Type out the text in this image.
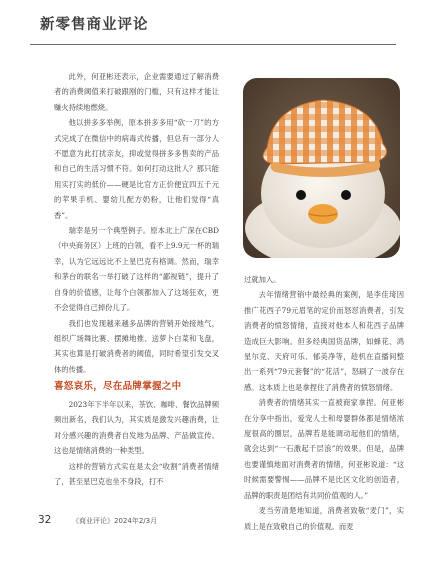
新零售商业评论

此外，何亚彬还表示，企业需要通过了解消费者的消费阈值来打破跟刚的门槛，只有这样才能让赚火持续地燃烧。

他以拼多多举例，原本拼多多用“砍一刀”的方式完成了在微信中的病毒式传播，但总有一部分人不愿意为此打扰亲友，抑或觉得拼多多售卖的产品和自己的生活习惯不符。如何打动这批人？那只能用实打实的低价——硬是比官方正价便宜四五千元的苹果手机、婴幼儿配方奶粉，让他们觉得“真香”。

瑞幸是另一个典型例子。原本北上广深在CBD（中央商务区）上班的白领，看不上9.9元一杯的瑞幸，认为它远远比不上星巴克有格调。然而，瑞幸和茅台的联名一举打破了这样的“鄙视链”，提升了自身的价值感，让每个白领都加入了这场狂欢，更不会觉得自己掉份儿了。

我们也发现越来越多品牌的营销开始接地气，组织广场舞比赛、摆摊地推、送萝卜白菜和飞盘，其实也算是打破消费者的阈值，同时希望引发交叉体的传播。

喜怒哀乐，尽在品牌掌握之中

2023年下半年以来，茶饮、咖啡、餐饮品牌频频出新名，我们认为，其实质是激发兴趣消费，让对分感兴趣的消费者自发地为品牌、产品做宣传。这也是情绪消费的一种类型。

这样的营销方式实在是太会“收割”消费者情绪了，甚至星巴克也坐不身段，打不

过就加入。

去年情绪营销中最经典的案例，是李佳琦因推广花西子79元眉笔的定价而怒怼消费者，引发消费者的愤怒情绪，直接对他本人和花西子品牌造成巨大影响。但多经典国货品牌，如蜂花、鸿星尔克、天府可乐、郁美净等，趁机在直播间整出一系列“79元套餐”的“花活”，怒刷了一波存在感。这本质上也是拿捏住了消费者的愤怒情绪。

消费者的情绪其实一直被商家拿捏。何亚彬在分享中指出，爱宠人士和母婴群体都是情绪浓度很高的圈层，品牌若是能调动起他们的情绪，就会达到“一石激起千层浪”的效果。但是，品牌也要谨慎地面对消费者的情绪，何亚彬说道：“这时候需要警惕——品牌不是比区文化的创造者，品牌的职责是团结有共同价值观的人。”

麦当劳清楚地知道，消费者致敬“麦门”，实质上是在致敬自己的价值观。而麦

32	《商业评论》2024年2/3月
